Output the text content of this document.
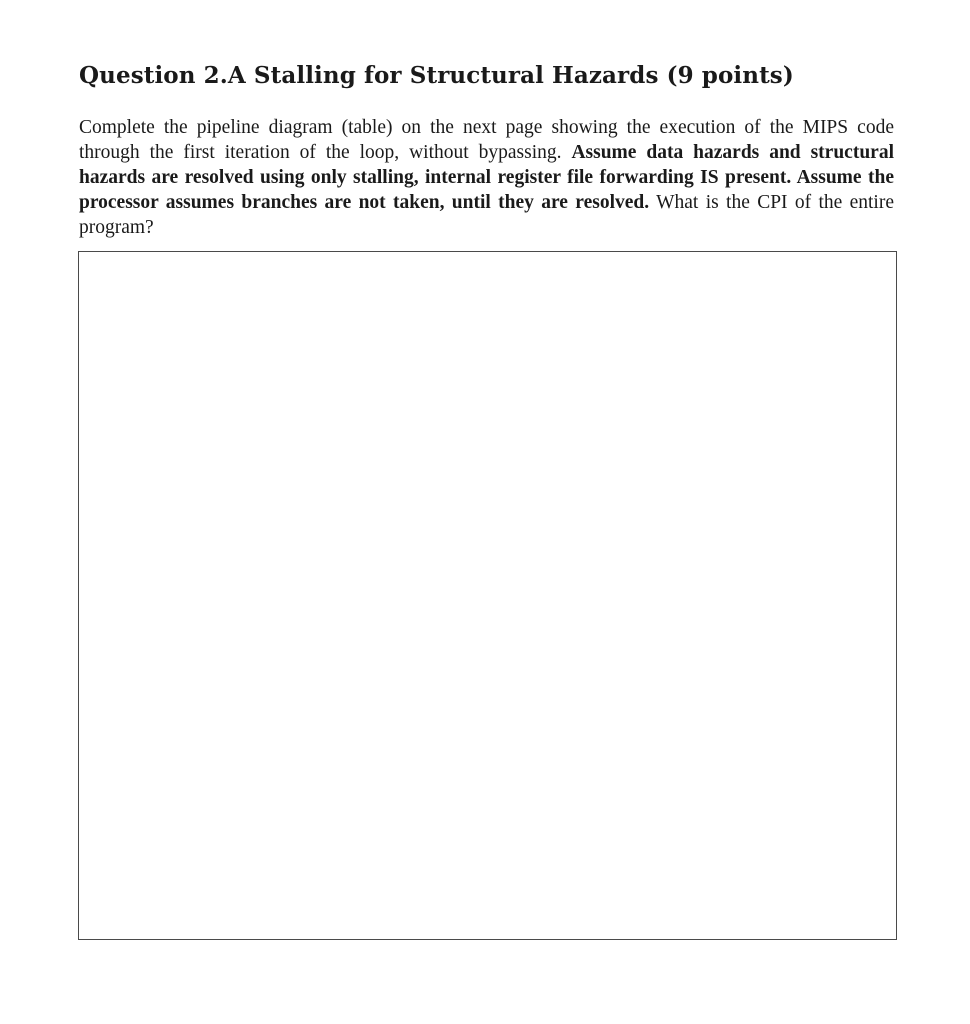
Question 2.A Stalling for Structural Hazards (9 points)

Complete the pipeline diagram (table) on the next page showing the execution of the MIPS code through the first iteration of the loop, without bypassing. Assume data hazards and structural hazards are resolved using only stalling, internal register file forwarding IS present. Assume the processor assumes branches are not taken, until they are resolved. What is the CPI of the entire program?
